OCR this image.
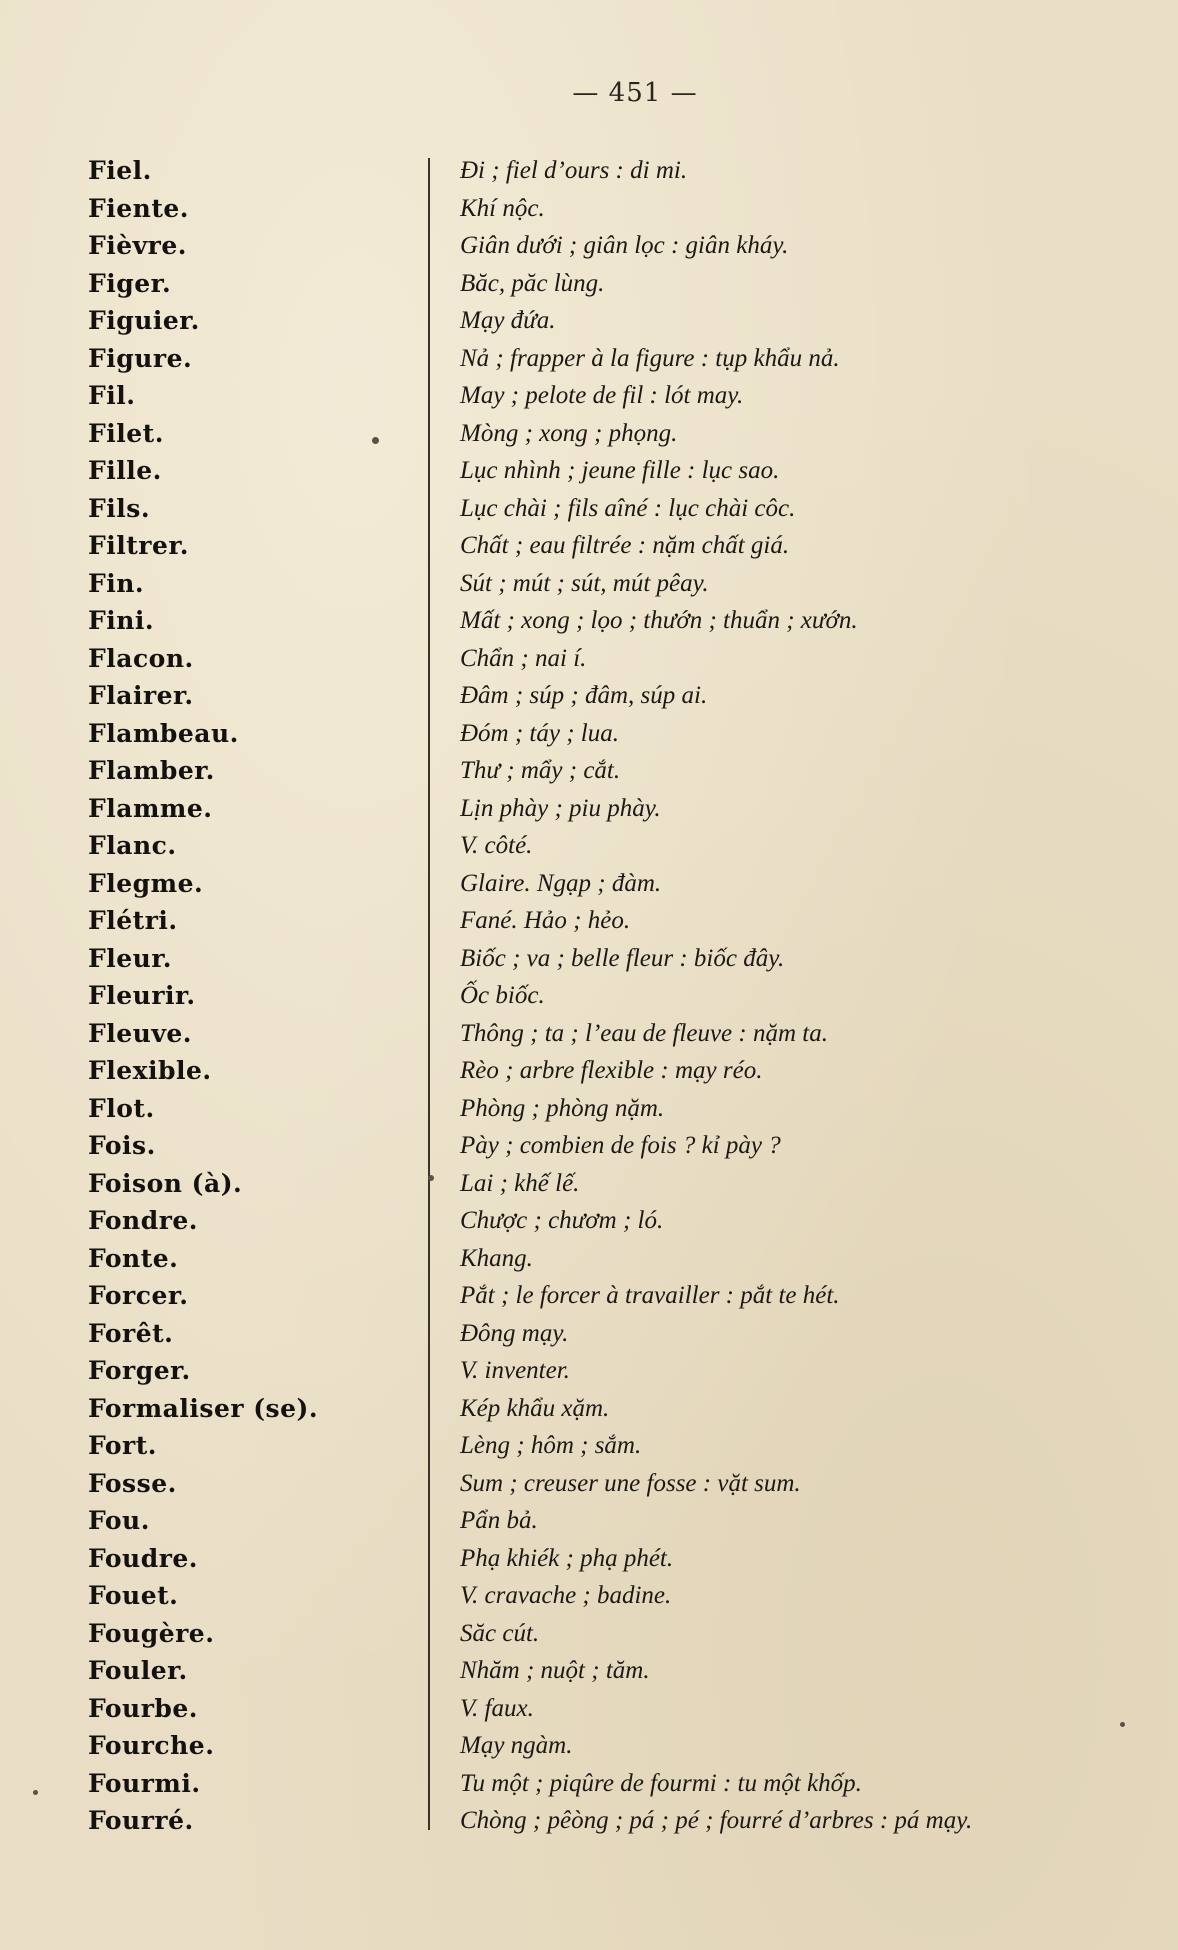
— 451 —
Fiel.	Đi ; fiel d’ours : di mi.
Fiente.	Khí nộc.
Fièvre.	Giân dưới ; giân lọc : giân kháy.
Figer.	Băc, păc lùng.
Figuier.	Mạy đứa.
Figure.	Nả ; frapper à la figure : tụp khẩu nả.
Fil.	May ; pelote de fil : lót may.
Filet.	Mòng ; xong ; phọng.
Fille.	Lục nhình ; jeune fille : lục sao.
Fils.	Lục chài ; fils aîné : lục chài côc.
Filtrer.	Chất ; eau filtrée : nặm chất giá.
Fin.	Sút ; mút ; sút, mút pêay.
Fini.	Mất ; xong ; lọo ; thướn ; thuẩn ; xướn.
Flacon.	Chẩn ; nai í.
Flairer.	Đâm ; súp ; đâm, súp ai.
Flambeau.	Đóm ; táy ; lua.
Flamber.	Thư ; mẩy ; cắt.
Flamme.	Lịn phày ; piu phày.
Flanc.	V. côté.
Flegme.	Glaire. Ngạp ; đàm.
Flétri.	Fané. Hảo ; hẻo.
Fleur.	Biốc ; va ; belle fleur : biốc đây.
Fleurir.	Ốc biốc.
Fleuve.	Thông ; ta ; l’eau de fleuve : nặm ta.
Flexible.	Rèo ; arbre flexible : mạy réo.
Flot.	Phòng ; phòng nặm.
Fois.	Pày ; combien de fois ? kỉ pày ?
Foison (à).	Lai ; khế lế.
Fondre.	Chược ; chươm ; ló.
Fonte.	Khang.
Forcer.	Pắt ; le forcer à travailler : pắt te hét.
Forêt.	Đông mạy.
Forger.	V. inventer.
Formaliser (se).	Kép khẩu xặm.
Fort.	Lèng ; hôm ; sắm.
Fosse.	Sum ; creuser une fosse : vặt sum.
Fou.	Pẩn bả.
Foudre.	Phạ khiék ; phạ phét.
Fouet.	V. cravache ; badine.
Fougère.	Săc cút.
Fouler.	Nhăm ; nuột ; tăm.
Fourbe.	V. faux.
Fourche.	Mạy ngàm.
Fourmi.	Tu một ; piqûre de fourmi : tu một khốp.
Fourré.	Chòng ; pêòng ; pá ; pé ; fourré d’arbres : pá mạy.
